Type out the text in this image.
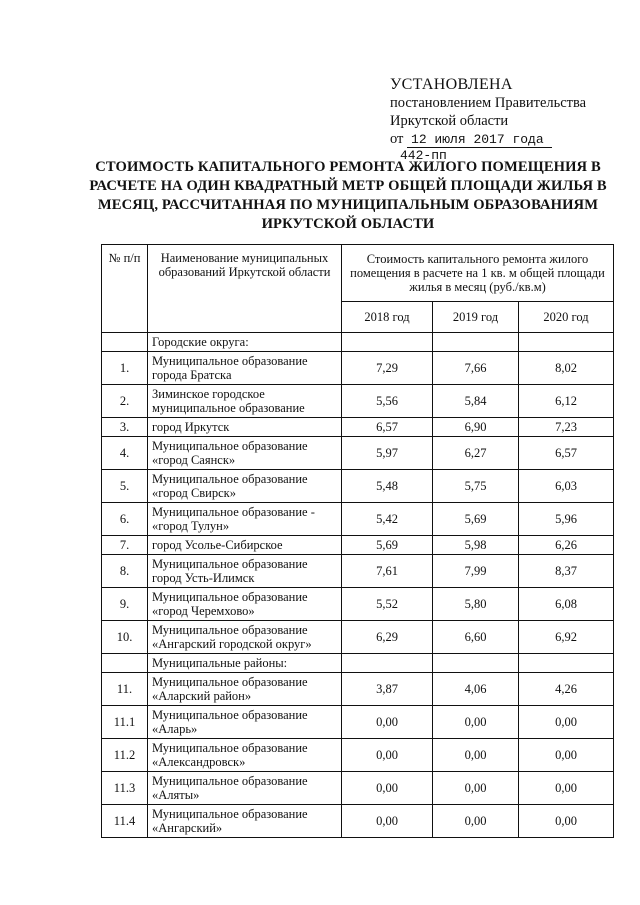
УСТАНОВЛЕНА
постановлением Правительства
Иркутской области
от 12 июля 2017 года
442-пп
СТОИМОСТЬ КАПИТАЛЬНОГО РЕМОНТА ЖИЛОГО ПОМЕЩЕНИЯ В РАСЧЕТЕ НА ОДИН КВАДРАТНЫЙ МЕТР ОБЩЕЙ ПЛОЩАДИ ЖИЛЬЯ В МЕСЯЦ, РАССЧИТАННАЯ ПО МУНИЦИПАЛЬНЫМ ОБРАЗОВАНИЯМ ИРКУТСКОЙ ОБЛАСТИ
№ п/п	Наименование муниципальных образований Иркутской области	Стоимость капитального ремонта жилого помещения в расчете на 1 кв. м общей площади жилья в месяц (руб./кв.м)		
		2018 год	2019 год	2020 год
	Городские округа:			
1.	Муниципальное образование города Братска	7,29	7,66	8,02
2.	Зиминское городское муниципальное образование	5,56	5,84	6,12
3.	город Иркутск	6,57	6,90	7,23
4.	Муниципальное образование «город Саянск»	5,97	6,27	6,57
5.	Муниципальное образование «город Свирск»	5,48	5,75	6,03
6.	Муниципальное образование - «город Тулун»	5,42	5,69	5,96
7.	город Усолье-Сибирское	5,69	5,98	6,26
8.	Муниципальное образование город Усть-Илимск	7,61	7,99	8,37
9.	Муниципальное образование «город Черемхово»	5,52	5,80	6,08
10.	Муниципальное образование «Ангарский городской округ»	6,29	6,60	6,92
	Муниципальные районы:			
11.	Муниципальное образование «Аларский район»	3,87	4,06	4,26
11.1	Муниципальное образование «Аларь»	0,00	0,00	0,00
11.2	Муниципальное образование «Александровск»	0,00	0,00	0,00
11.3	Муниципальное образование «Аляты»	0,00	0,00	0,00
11.4	Муниципальное образование «Ангарский»	0,00	0,00	0,00
